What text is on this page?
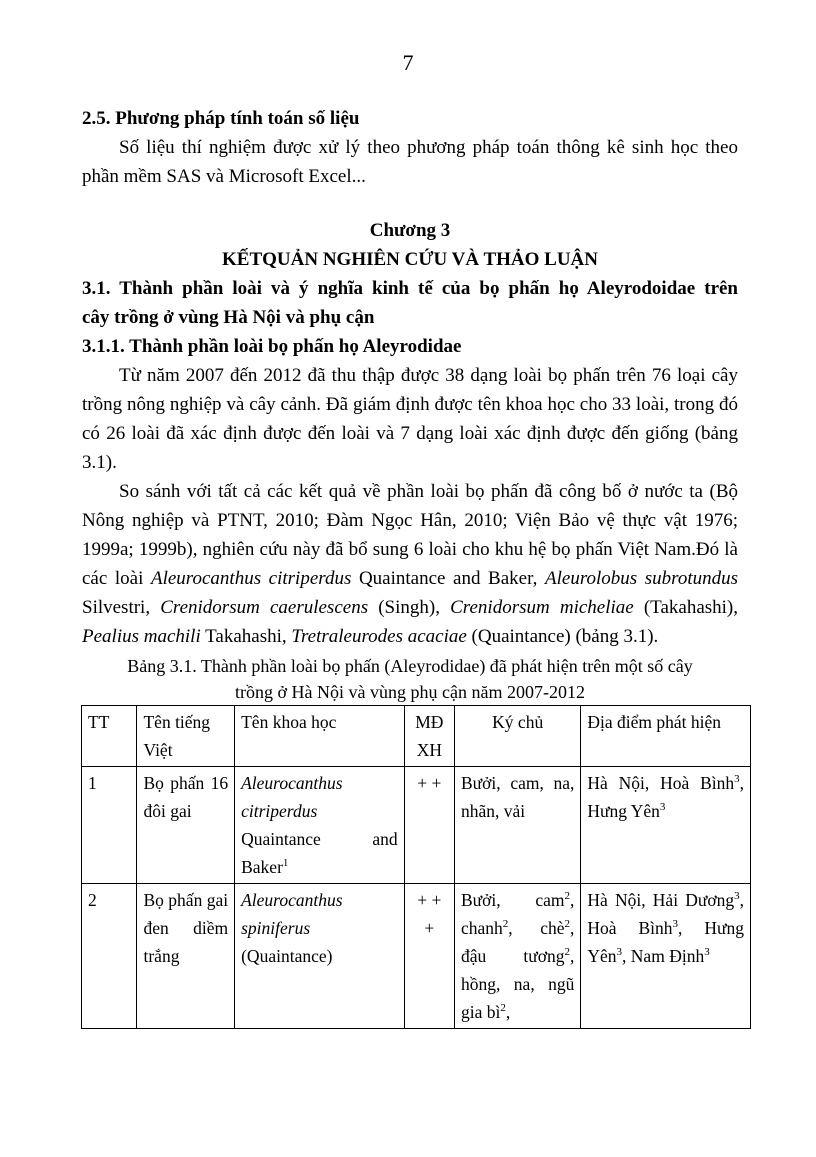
7
2.5. Phương pháp tính toán số liệu
Số liệu thí nghiệm được xử lý theo phương pháp toán thông kê sinh học theo
phần mềm SAS và Microsoft Excel...
Chương 3
KẾTQUẢN NGHIÊN CỨU VÀ THẢO LUẬN
3.1. Thành phần loài và ý nghĩa kinh tế của bọ phấn họ Aleyrodoidae trên
cây trồng ở vùng Hà Nội và phụ cận
3.1.1. Thành phần loài bọ phấn họ Aleyrodidae

Từ năm 2007 đến 2012 đã thu thập được 38 dạng loài bọ phấn trên 76 loại cây trồng nông nghiệp và cây cảnh. Đã giám định được tên khoa học cho 33 loài, trong đó có 26 loài đã xác định được đến loài và 7 dạng loài xác định được đến giống (bảng 3.1).

So sánh với tất cả các kết quả về phần loài bọ phấn đã công bố ở nước ta (Bộ Nông nghiệp và PTNT, 2010; Đàm Ngọc Hân, 2010; Viện Bảo vệ thực vật 1976; 1999a; 1999b), nghiên cứu này đã bổ sung 6 loài cho khu hệ bọ phấn Việt Nam.Đó là các loài Aleurocanthus citriperdus Quaintance and Baker, Aleurolobus subrotundus Silvestri, Crenidorsum caerulescens (Singh), Crenidorsum micheliae (Takahashi), Pealius machili Takahashi, Tretraleurodes acaciae (Quaintance) (bảng 3.1).

Bảng 3.1. Thành phần loài bọ phấn (Aleyrodidae) đã phát hiện trên một số cây
trồng ở Hà Nội và vùng phụ cận năm 2007-2012
TT	Tên tiếng Việt	Tên khoa học	MĐ XH	Ký chủ	Địa điểm phát hiện
1	Bọ phấn 16 đôi gai	Aleurocanthus citriperdus Quaintance and Baker$^1$	+ +	Bưởi, cam, na, nhãn, vải	Hà Nội, Hoà Bình$^3$, Hưng Yên$^3$
2	Bọ phấn gai đen diềm trắng	Aleurocanthus spiniferus (Quaintance)	+ + +	Bưởi, cam$^2$, chanh$^2$, chè$^2$, đậu tương$^2$, hồng, na, ngũ gia $bì^2$,	Hà Nội, Hải Dương$^3$, Hoà Bình$^3$, Hưng Yên$^3$, Nam Định$^3$
